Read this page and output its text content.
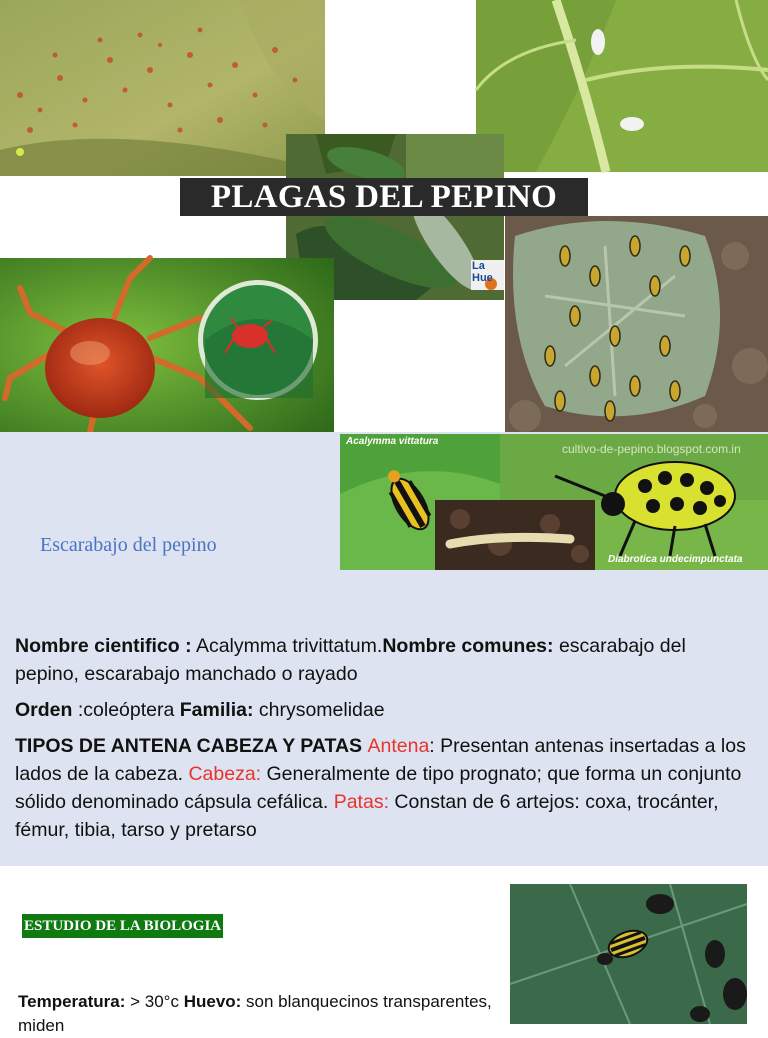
La Hue
PLAGAS DEL PEPINO
Acalymma vittatura
cultivo-de-pepino.blogspot.com.in
Diabrotica undecimpunctata
Escarabajo del pepino
Nombre cientifico : Acalymma trivittatum.Nombre comunes: escarabajo del pepino, escarabajo manchado o rayado
Orden :coleóptera Familia: chrysomelidae
TIPOS DE ANTENA CABEZA Y PATAS Antena: Presentan antenas insertadas a los lados de la cabeza. Cabeza: Generalmente de tipo prognato; que forma un conjunto sólido denominado cápsula cefálica. Patas: Constan de 6 artejos: coxa, trocánter, fémur, tibia, tarso y pretarso
ESTUDIO DE LA BIOLOGIA
Temperatura: > 30°c Huevo: son blanquecinos transparentes, miden
